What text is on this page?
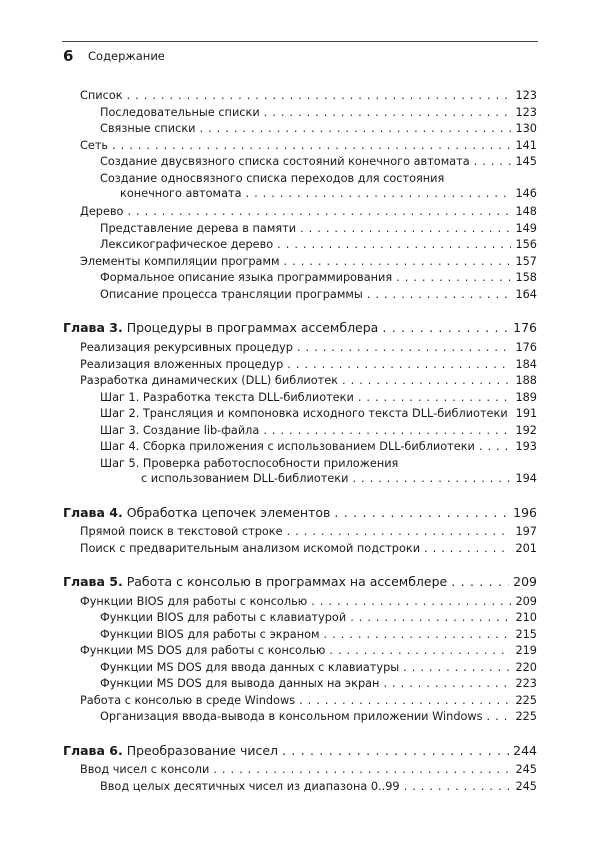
6 Содержание
Список . . .	123
Последовательные списки . . .	123
Связные списки . . .	130
Сеть . . .	141
Создание двусвязного списка состояний конечного автомата . . .	145
Создание односвязного списка переходов для состояния
конечного автомата . . .	146
Дерево . . .	148
Представление дерева в памяти . . .	149
Лексикографическое дерево . . .	156
Элементы компиляции программ . . .	157
Формальное описание языка программирования . . .	158
Описание процесса трансляции программы . . .	164
Глава 3. Процедуры в программах ассемблера . . .	176
Реализация рекурсивных процедур . . .	176
Реализация вложенных процедур . . .	184
Разработка динамических (DLL) библиотек . . .	188
Шаг 1. Разработка текста DLL-библиотеки . . .	189
Шаг 2. Трансляция и компоновка исходного текста DLL-библиотеки 191
Шаг 3. Создание lib-файла . . .	192
Шаг 4. Сборка приложения с использованием DLL-библиотеки . . .	193
Шаг 5. Проверка работоспособности приложения
с использованием DLL-библиотеки . . .	194
Глава 4. Обработка цепочек элементов . . .	196
Прямой поиск в текстовой строке . . .	197
Поиск с предварительным анализом искомой подстроки . . .	201
Глава 5. Работа с консолью в программах на ассемблере . . .	209
Функции BIOS для работы с консолью . . .	209
Функции BIOS для работы с клавиатурой . . .	210
Функции BIOS для работы с экраном . . .	215
Функции MS DOS для работы с консолью . . .	219
Функции MS DOS для ввода данных с клавиатуры . . .	220
Функции MS DOS для вывода данных на экран . . .	223
Работа с консолью в среде Windows . . .	225
Организация ввода-вывода в консольном приложении Windows . . .	225
Глава 6. Преобразование чисел . . .	244
Ввод чисел с консоли . . .	245
Ввод целых десятичных чисел из диапазона 0..99 . . .	245
